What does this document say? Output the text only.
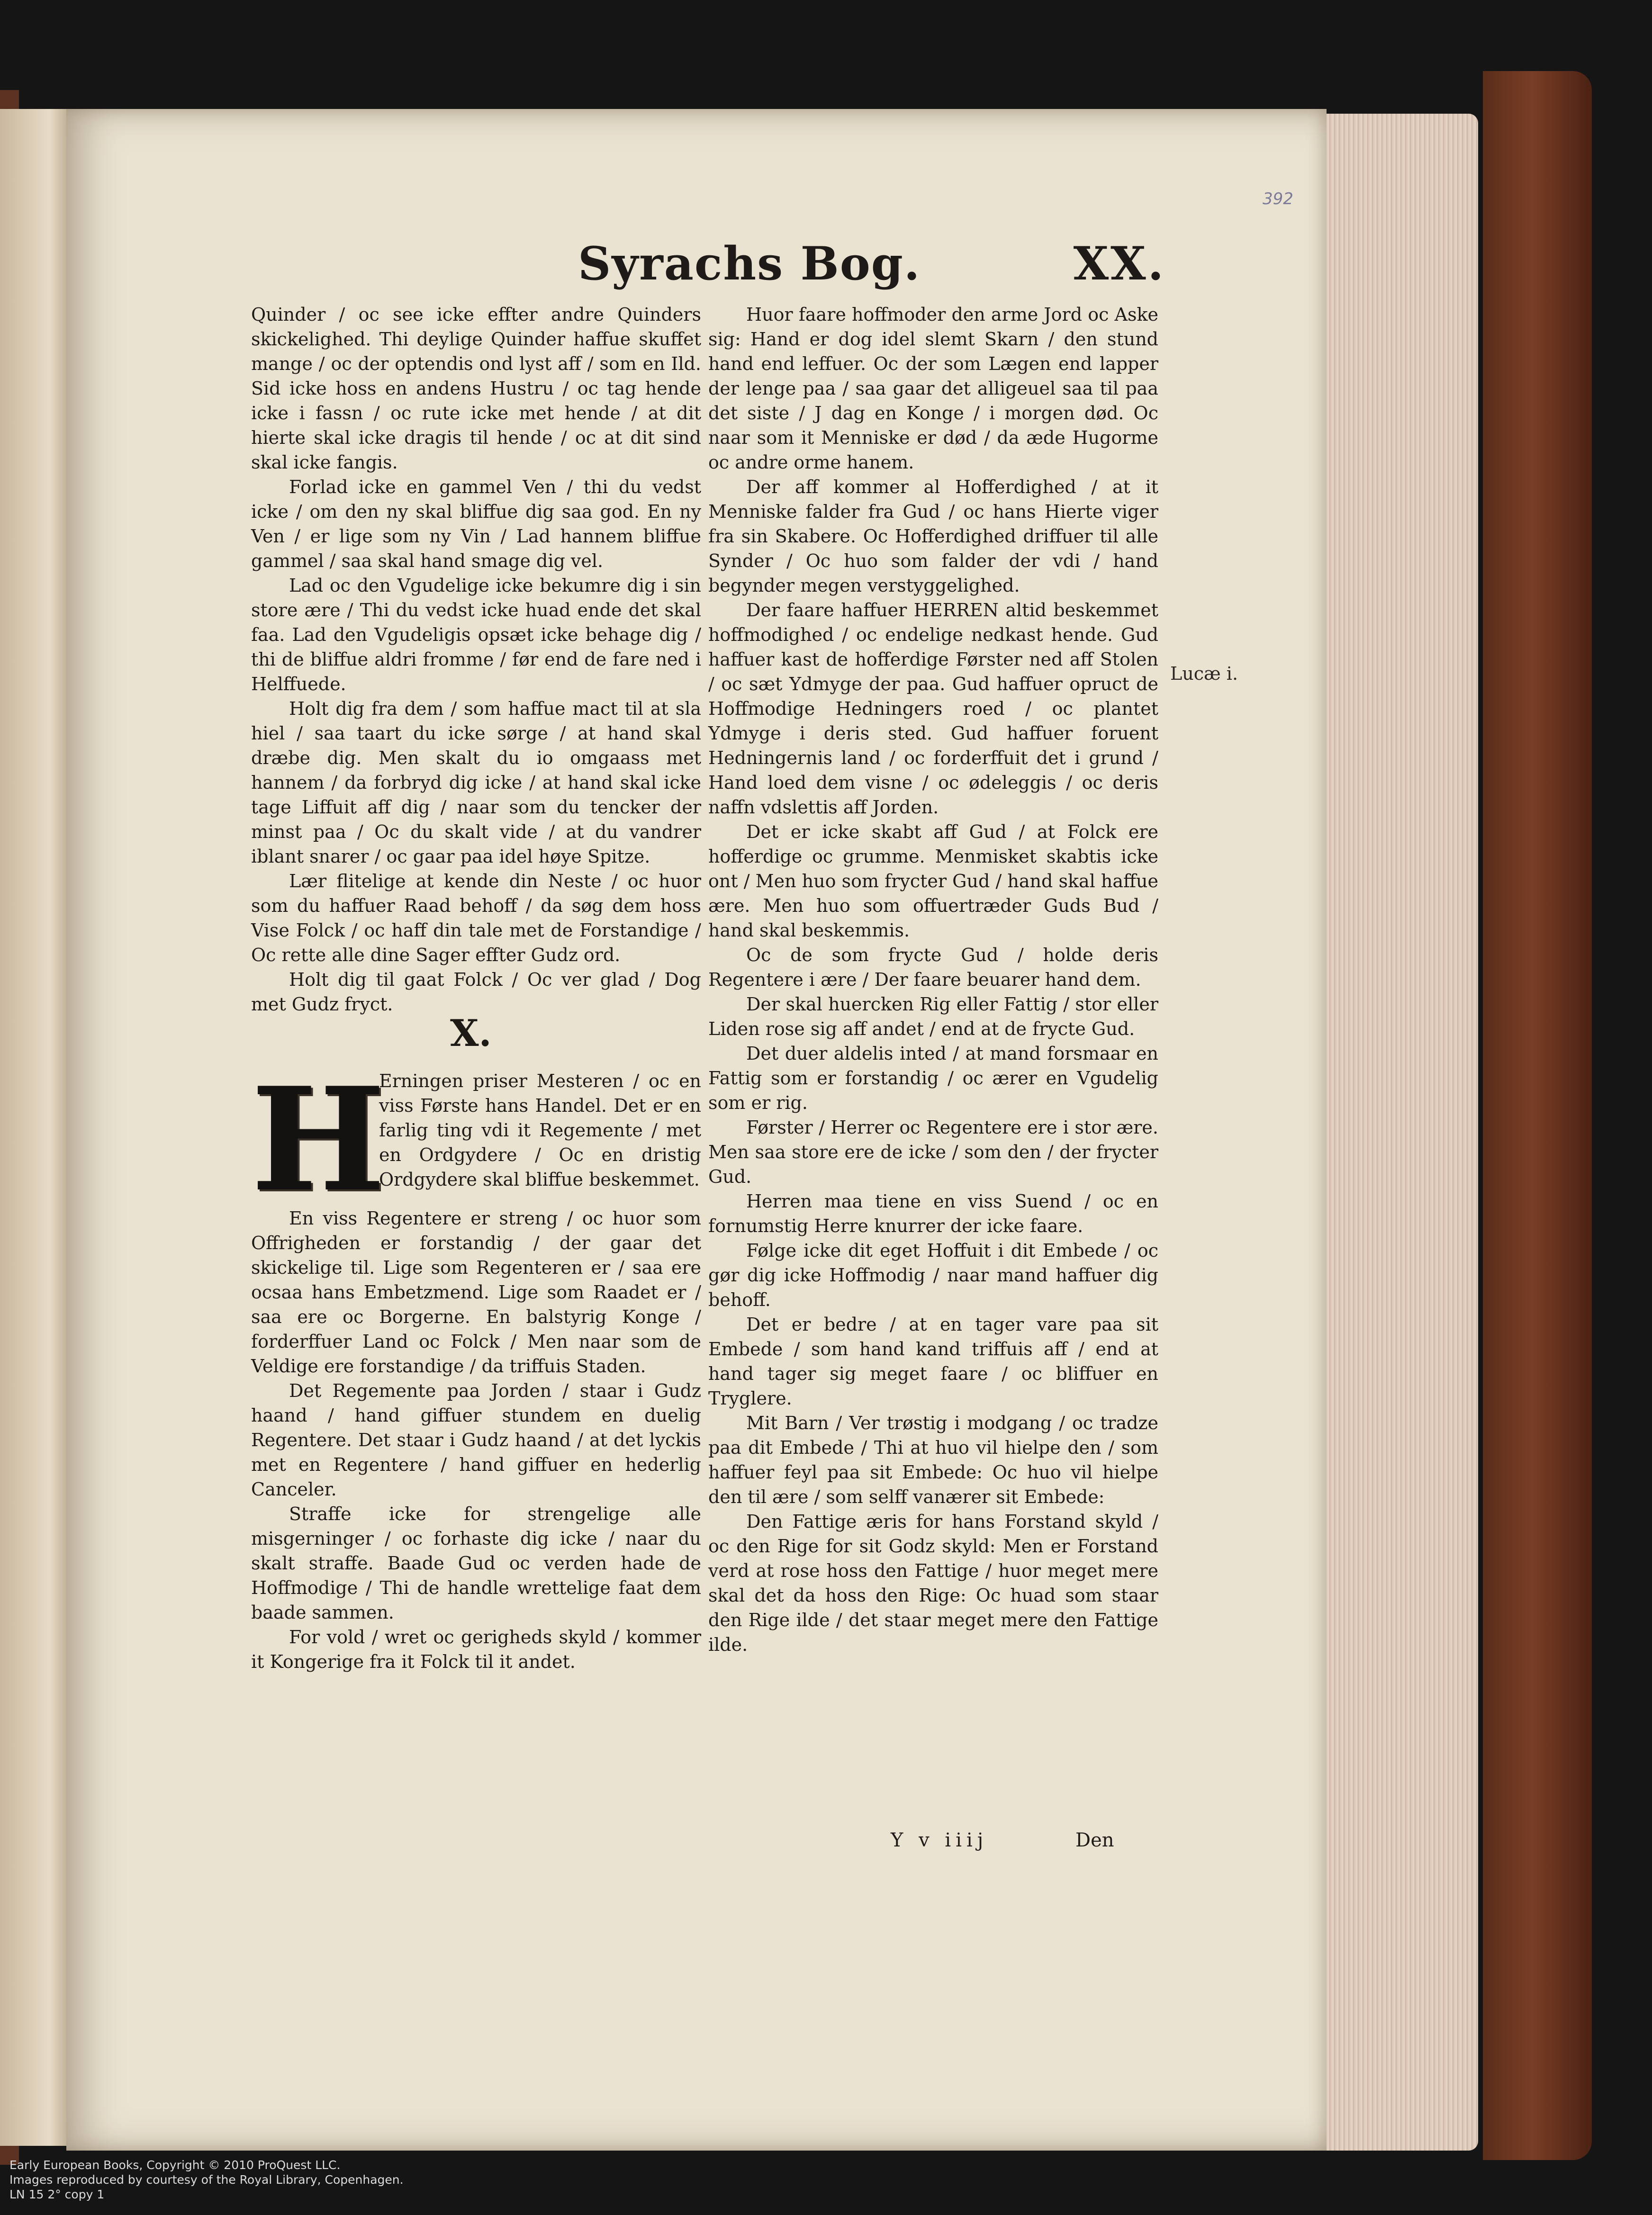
392
Syrachs Bog.	XX.

Quinder / oc see icke effter andre Quinders skickelighed. Thi deylige Quinder haffue skuffet mange / oc der optendis ond lyst aff / som en Ild. Sid icke hoss en andens Hustru / oc tag hende icke i fassn / oc rute icke met hende / at dit hierte skal icke dragis til hende / oc at dit sind skal icke fangis.

Forlad icke en gammel Ven / thi du vedst icke / om den ny skal bliffue dig saa god. En ny Ven / er lige som ny Vin / Lad hannem bliffue gammel / saa skal hand smage dig vel.

Lad oc den Vgudelige icke bekumre dig i sin store ære / Thi du vedst icke huad ende det skal faa. Lad den Vgudeligis opsæt icke behage dig / thi de bliffue aldri fromme / før end de fare ned i Helffuede.

Holt dig fra dem / som haffue mact til at sla hiel / saa taart du icke sørge / at hand skal dræbe dig. Men skalt du io omgaass met hannem / da forbryd dig icke / at hand skal icke tage Liffuit aff dig / naar som du tencker der minst paa / Oc du skalt vide / at du vandrer iblant snarer / oc gaar paa idel høye Spitze.

Lær flitelige at kende din Neste / oc huor som du haffuer Raad behoff / da søg dem hoss Vise Folck / oc haff din tale met de Forstandige / Oc rette alle dine Sager effter Gudz ord.

Holt dig til gaat Folck / Oc ver glad / Dog met Gudz fryct.

X.
H

Erningen priser Mesteren / oc en viss Første hans Handel. Det er en farlig ting vdi it Regemente / met en Ordgydere / Oc en dristig Ordgydere skal bliffue beskemmet.

En viss Regentere er streng / oc huor som Offrigheden er forstandig / der gaar det skickelige til. Lige som Regenteren er / saa ere ocsaa hans Embetzmend. Lige som Raadet er / saa ere oc Borgerne. En balstyrig Konge / forderffuer Land oc Folck / Men naar som de Veldige ere forstandige / da triffuis Staden.

Det Regemente paa Jorden / staar i Gudz haand / hand giffuer stundem en duelig Regentere. Det staar i Gudz haand / at det lyckis met en Regentere / hand giffuer en hederlig Canceler.

Straffe icke for strengelige alle misgerninger / oc forhaste dig icke / naar du skalt straffe. Baade Gud oc verden hade de Hoffmodige / Thi de handle wrettelige faat dem baade sammen.

For vold / wret oc gerigheds skyld / kommer it Kongerige fra it Folck til it andet.

Huor faare hoffmoder den arme Jord oc Aske sig: Hand er dog idel slemt Skarn / den stund hand end leffuer. Oc der som Lægen end lapper der lenge paa / saa gaar det alligeuel saa til paa det siste / J dag en Konge / i morgen død. Oc naar som it Menniske er død / da æde Hugorme oc andre orme hanem.

Der aff kommer al Hofferdighed / at it Menniske falder fra Gud / oc hans Hierte viger fra sin Skabere. Oc Hofferdighed driffuer til alle Synder / Oc huo som falder der vdi / hand begynder megen verstyggelighed.

Der faare haffuer HERREN altid beskemmet hoffmodighed / oc endelige nedkast hende. Gud haffuer kast de hofferdige Førster ned aff Stolen / oc sæt Ydmyge der paa. Gud haffuer opruct de Hoffmodige Hedningers roed / oc plantet Ydmyge i deris sted. Gud haffuer foruent Hedningernis land / oc forderffuit det i grund / Hand loed dem visne / oc ødeleggis / oc deris naffn vdslettis aff Jorden.

Det er icke skabt aff Gud / at Folck ere hofferdige oc grumme. Menmisket skabtis icke ont / Men huo som frycter Gud / hand skal haffue ære. Men huo som offuertræder Guds Bud / hand skal beskemmis.

Oc de som frycte Gud / holde deris Regentere i ære / Der faare beuarer hand dem.

Der skal huercken Rig eller Fattig / stor eller Liden rose sig aff andet / end at de frycte Gud.

Det duer aldelis inted / at mand forsmaar en Fattig som er forstandig / oc ærer en Vgudelig som er rig.

Førster / Herrer oc Regentere ere i stor ære. Men saa store ere de icke / som den / der frycter Gud.

Herren maa tiene en viss Suend / oc en fornumstig Herre knurrer der icke faare.

Følge icke dit eget Hoffuit i dit Embede / oc gør dig icke Hoffmodig / naar mand haffuer dig behoff.

Det er bedre / at en tager vare paa sit Embede / som hand kand triffuis aff / end at hand tager sig meget faare / oc bliffuer en Tryglere.

Mit Barn / Ver trøstig i modgang / oc tradze paa dit Embede / Thi at huo vil hielpe den / som haffuer feyl paa sit Embede: Oc huo vil hielpe den til ære / som selff vanærer sit Embede:

Den Fattige æris for hans Forstand skyld / oc den Rige for sit Godz skyld: Men er Forstand verd at rose hoss den Fattige / huor meget mere skal det da hoss den Rige: Oc huad som staar den Rige ilde / det staar meget mere den Fattige ilde.

Lucæ i.
Y v iiij	Den
Early European Books, Copyright © 2010 ProQuest LLC.
Images reproduced by courtesy of the Royal Library, Copenhagen.
LN 15 2° copy 1
